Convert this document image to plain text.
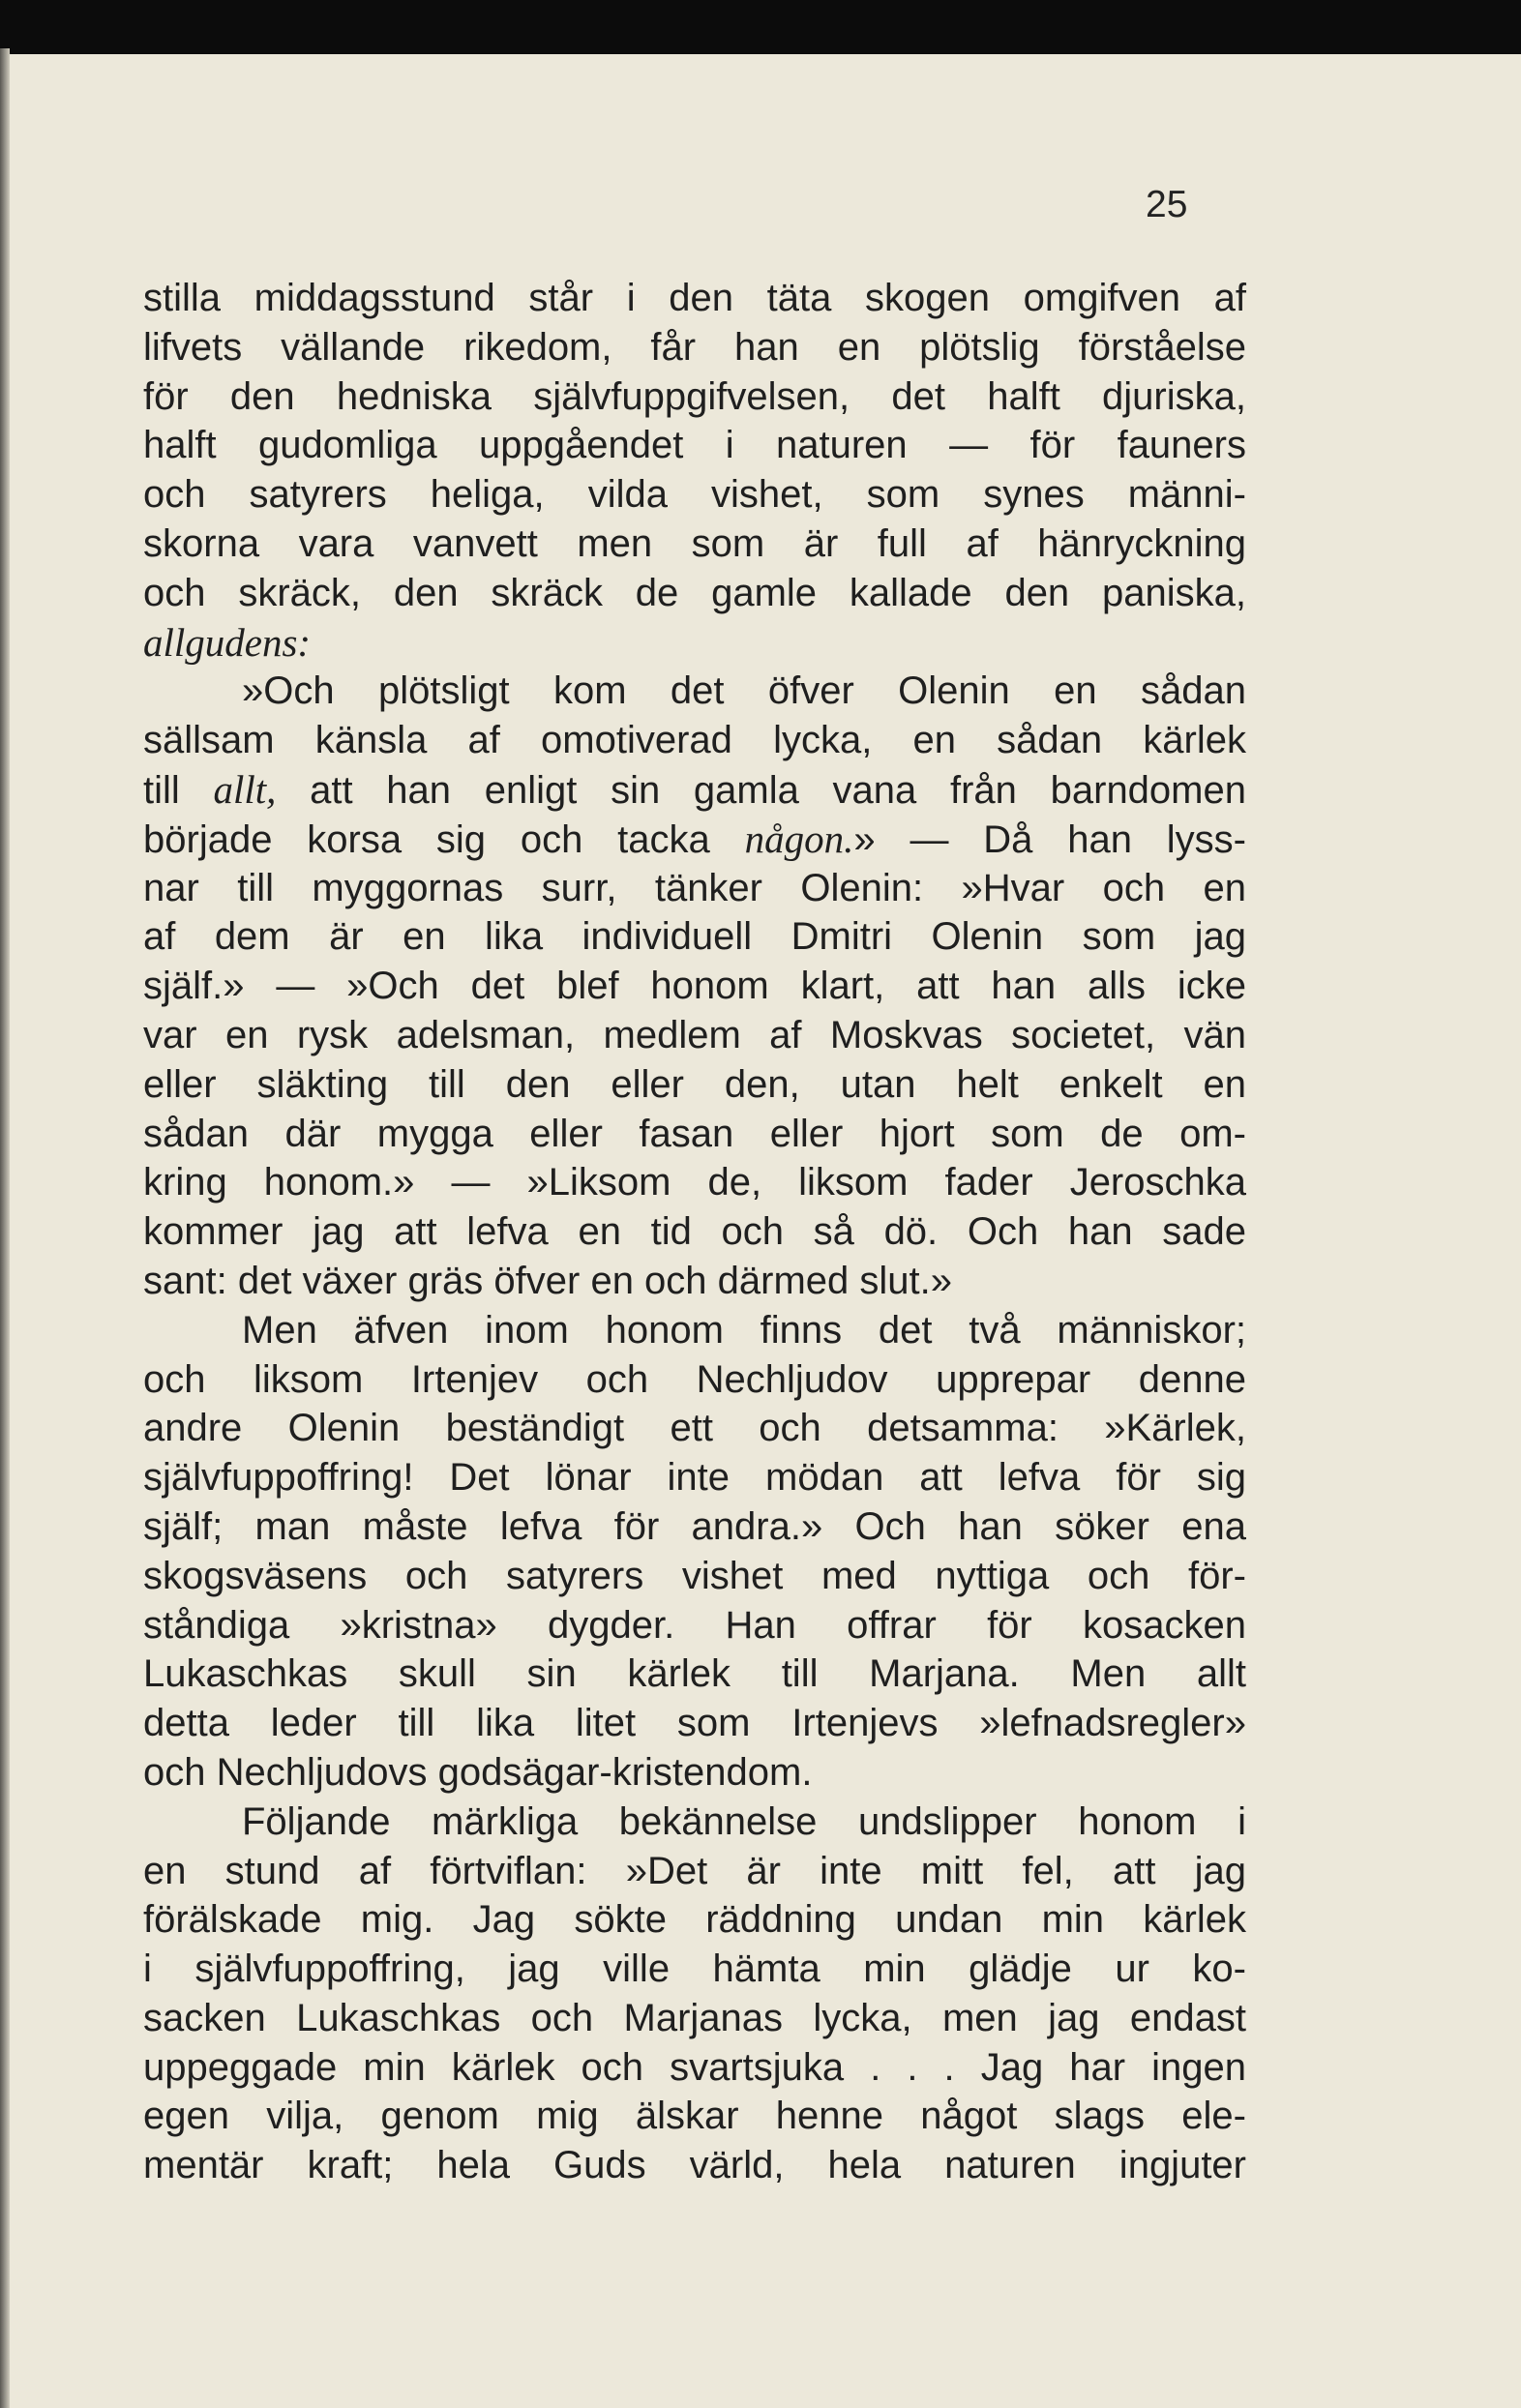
25
stilla middagsstund står i den täta skogen omgifven af
lifvets vällande rikedom, får han en plötslig förståelse
för den hedniska självfuppgifvelsen, det halft djuriska,
halft gudomliga uppgåendet i naturen — för fauners
och satyrers heliga, vilda vishet, som synes männi-
skorna vara vanvett men som är full af hänryckning
och skräck, den skräck de gamle kallade den paniska,
allgudens:
»Och plötsligt kom det öfver Olenin en sådan
sällsam känsla af omotiverad lycka, en sådan kärlek
till allt, att han enligt sin gamla vana från barndomen
började korsa sig och tacka någon.» — Då han lyss-
nar till myggornas surr, tänker Olenin: »Hvar och en
af dem är en lika individuell Dmitri Olenin som jag
själf.» — »Och det blef honom klart, att han alls icke
var en rysk adelsman, medlem af Moskvas societet, vän
eller släkting till den eller den, utan helt enkelt en
sådan där mygga eller fasan eller hjort som de om-
kring honom.» — »Liksom de, liksom fader Jeroschka
kommer jag att lefva en tid och så dö. Och han sade
sant: det växer gräs öfver en och därmed slut.»
Men äfven inom honom finns det två människor;
och liksom Irtenjev och Nechljudov upprepar denne
andre Olenin beständigt ett och detsamma: »Kärlek,
självfuppoffring! Det lönar inte mödan att lefva för sig
själf; man måste lefva för andra.» Och han söker ena
skogsväsens och satyrers vishet med nyttiga och för-
ståndiga »kristna» dygder. Han offrar för kosacken
Lukaschkas skull sin kärlek till Marjana. Men allt
detta leder till lika litet som Irtenjevs »lefnadsregler»
och Nechljudovs godsägar-kristendom.
Följande märkliga bekännelse undslipper honom i
en stund af förtviflan: »Det är inte mitt fel, att jag
förälskade mig. Jag sökte räddning undan min kärlek
i självfuppoffring, jag ville hämta min glädje ur ko-
sacken Lukaschkas och Marjanas lycka, men jag endast
uppeggade min kärlek och svartsjuka . . . Jag har ingen
egen vilja, genom mig älskar henne något slags ele-
mentär kraft; hela Guds värld, hela naturen ingjuter
